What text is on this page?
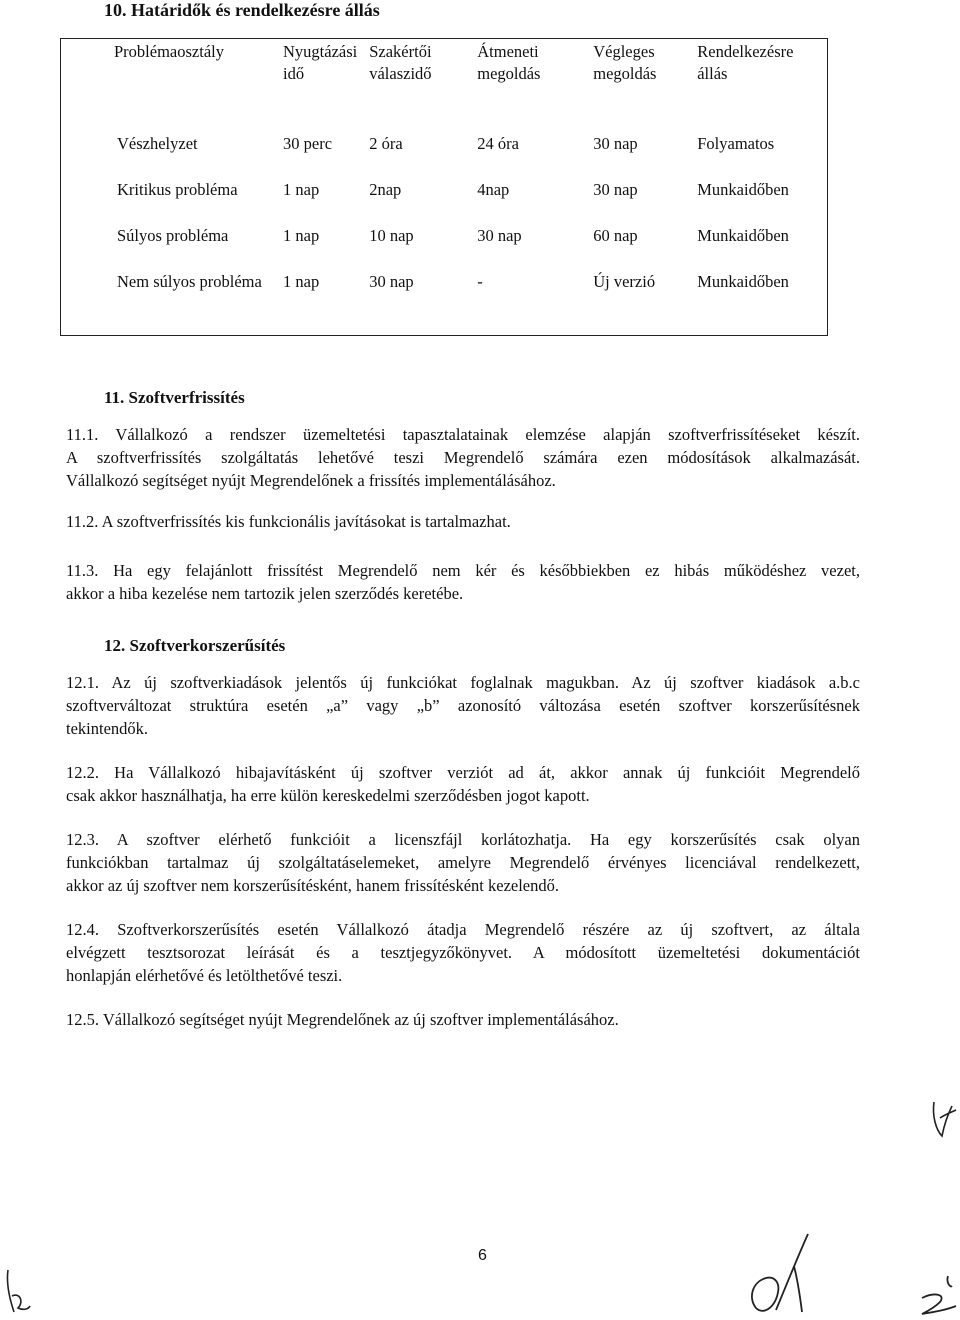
10. Határidők és rendelkezésre állás
Problémaosztály	Nyugtázási idő	Szakértői válaszidő	Átmeneti megoldás	Végleges megoldás	Rendelkezésre állás
Vészhelyzet	30 perc	2 óra	24 óra	30 nap	Folyamatos
Kritikus probléma	1 nap	2nap	4nap	30 nap	Munkaidőben
Súlyos probléma	1 nap	10 nap	30 nap	60 nap	Munkaidőben
Nem súlyos probléma	1 nap	30 nap	-	Új verzió	Munkaidőben
11. Szoftverfrissítés
11.1. Vállalkozó a rendszer üzemeltetési tapasztalatainak elemzése alapján szoftverfrissítéseket készít.
A szoftverfrissítés szolgáltatás lehetővé teszi Megrendelő számára ezen módosítások alkalmazását.
Vállalkozó segítséget nyújt Megrendelőnek a frissítés implementálásához.
11.2. A szoftverfrissítés kis funkcionális javításokat is tartalmazhat.
11.3. Ha egy felajánlott frissítést Megrendelő nem kér és későbbiekben ez hibás működéshez vezet,
akkor a hiba kezelése nem tartozik jelen szerződés keretébe.
12. Szoftverkorszerűsítés
12.1. Az új szoftverkiadások jelentős új funkciókat foglalnak magukban. Az új szoftver kiadások a.b.c
szoftverváltozat struktúra esetén „a” vagy „b” azonosító változása esetén szoftver korszerűsítésnek
tekintendők.
12.2. Ha Vállalkozó hibajavításként új szoftver verziót ad át, akkor annak új funkcióit Megrendelő
csak akkor használhatja, ha erre külön kereskedelmi szerződésben jogot kapott.
12.3. A szoftver elérhető funkcióit a licenszfájl korlátozhatja. Ha egy korszerűsítés csak olyan
funkciókban tartalmaz új szolgáltatáselemeket, amelyre Megrendelő érvényes licenciával rendelkezett,
akkor az új szoftver nem korszerűsítésként, hanem frissítésként kezelendő.
12.4. Szoftverkorszerűsítés esetén Vállalkozó átadja Megrendelő részére az új szoftvert, az általa
elvégzett tesztsorozat leírását és a tesztjegyzőkönyvet. A módosított üzemeltetési dokumentációt
honlapján elérhetővé és letölthetővé teszi.
12.5. Vállalkozó segítséget nyújt Megrendelőnek az új szoftver implementálásához.
6
